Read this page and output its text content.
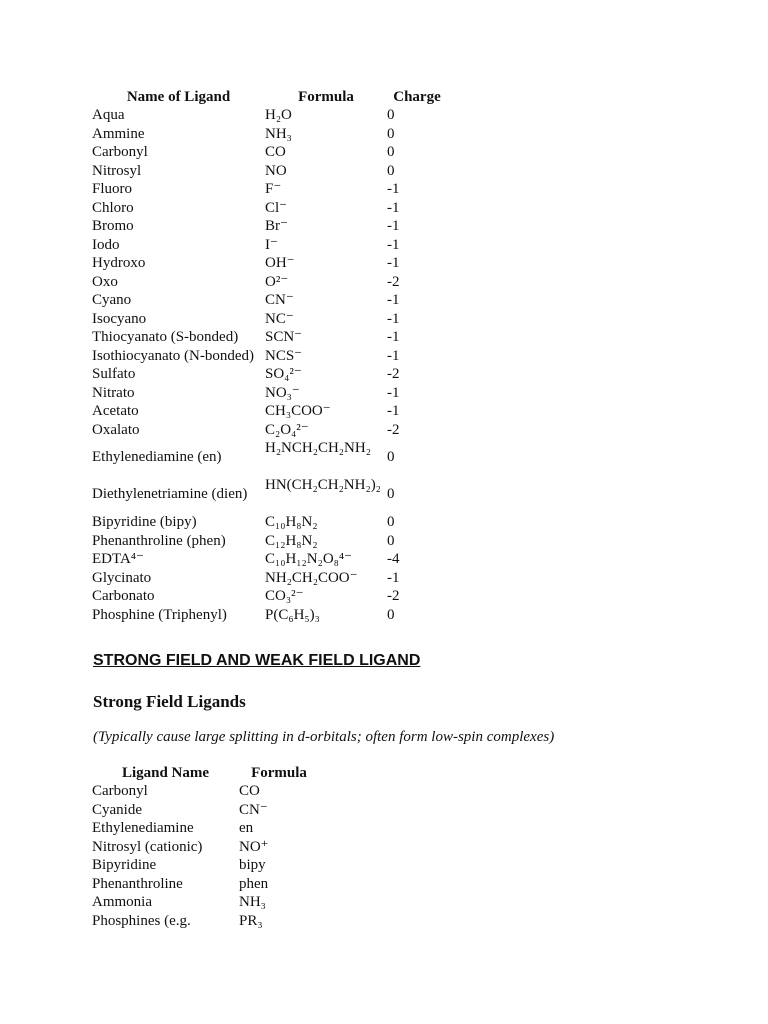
Name of Ligand	Formula	Charge
Aqua	H₂O	0
Ammine	NH₃	0
Carbonyl	CO	0
Nitrosyl	NO	0
Fluoro	F⁻	-1
Chloro	Cl⁻	-1
Bromo	Br⁻	-1
Iodo	I⁻	-1
Hydroxo	OH⁻	-1
Oxo	O²⁻	-2
Cyano	CN⁻	-1
Isocyano	NC⁻	-1
Thiocyanato (S-bonded)	SCN⁻	-1
Isothiocyanato (N-bonded)	NCS⁻	-1
Sulfato	SO₄²⁻	-2
Nitrato	NO₃⁻	-1
Acetato	CH₃COO⁻	-1
Oxalato	C₂O₄²⁻	-2
Ethylenediamine (en)	H₂NCH₂CH₂NH₂	0
Diethylenetriamine (dien)	HN(CH₂CH₂NH₂)₂	0
Bipyridine (bipy)	C₁₀H₈N₂	0
Phenanthroline (phen)	C₁₂H₈N₂	0
EDTA⁴⁻	C₁₀H₁₂N₂O₈⁴⁻	-4
Glycinato	NH₂CH₂COO⁻	-1
Carbonato	CO₃²⁻	-2
Phosphine (Triphenyl)	P(C₆H₅)₃	0
STRONG FIELD AND WEAK FIELD LIGAND
Strong Field Ligands

(Typically cause large splitting in d-orbitals; often form low-spin complexes)

Ligand Name	Formula
Carbonyl	CO
Cyanide	CN⁻
Ethylenediamine	en
Nitrosyl (cationic)	NO⁺
Bipyridine	bipy
Phenanthroline	phen
Ammonia	NH₃
Phosphines (e.g.	PR₃
